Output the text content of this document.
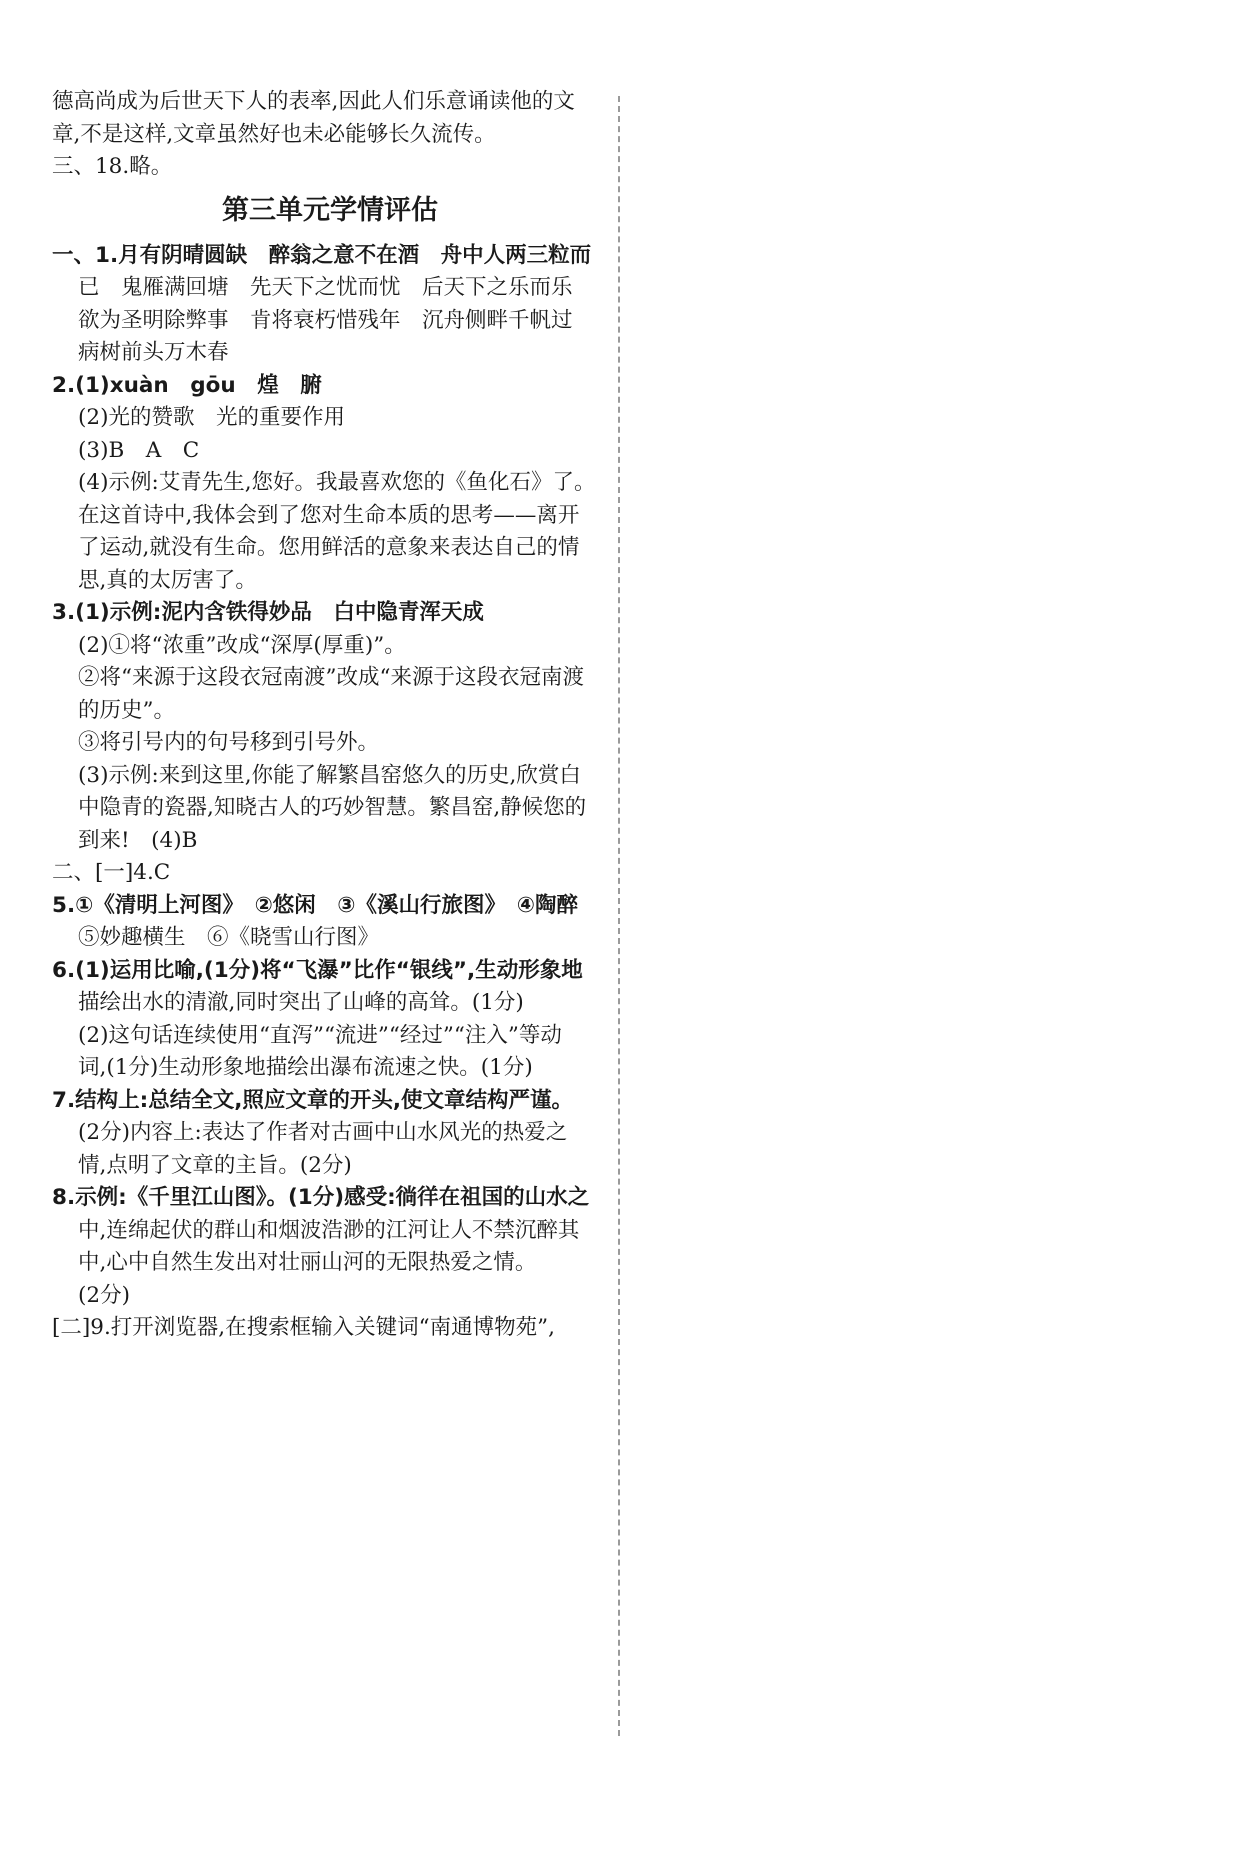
德高尚成为后世天下人的表率,因此人们乐意诵读他的文
章,不是这样,文章虽然好也未必能够长久流传。
三、18.略。
第三单元学情评估
一、1.月有阴晴圆缺　醉翁之意不在酒　舟中人两三粒而
已　鬼雁满回塘　先天下之忧而忧　后天下之乐而乐
欲为圣明除弊事　肯将衰朽惜残年　沉舟侧畔千帆过
病树前头万木春
2.(1)xuàn　gōu　煌　腑
(2)光的赞歌　光的重要作用
(3)B　A　C
(4)示例:艾青先生,您好。我最喜欢您的《鱼化石》了。
在这首诗中,我体会到了您对生命本质的思考——离开
了运动,就没有生命。您用鲜活的意象来表达自己的情
思,真的太厉害了。
3.(1)示例:泥内含铁得妙品　白中隐青浑天成
(2)①将“浓重”改成“深厚(厚重)”。
②将“来源于这段衣冠南渡”改成“来源于这段衣冠南渡
的历史”。
③将引号内的句号移到引号外。
(3)示例:来到这里,你能了解繁昌窑悠久的历史,欣赏白
中隐青的瓷器,知晓古人的巧妙智慧。繁昌窑,静候您的
到来!　(4)B
二、[一]4.C
5.①《清明上河图》　②悠闲　③《溪山行旅图》　④陶醉
⑤妙趣横生　⑥《晓雪山行图》
6.(1)运用比喻,(1分)将“飞瀑”比作“银线”,生动形象地
描绘出水的清澈,同时突出了山峰的高耸。(1分)
(2)这句话连续使用“直泻”“流进”“经过”“注入”等动
词,(1分)生动形象地描绘出瀑布流速之快。(1分)
7.结构上:总结全文,照应文章的开头,使文章结构严谨。
(2分)内容上:表达了作者对古画中山水风光的热爱之
情,点明了文章的主旨。(2分)
8.示例:《千里江山图》。(1分)感受:徜徉在祖国的山水之
中,连绵起伏的群山和烟波浩渺的江河让人不禁沉醉其
中,心中自然生发出对壮丽山河的无限热爱之情。
(2分)
[二]9.打开浏览器,在搜索框输入关键词“南通博物苑”,
